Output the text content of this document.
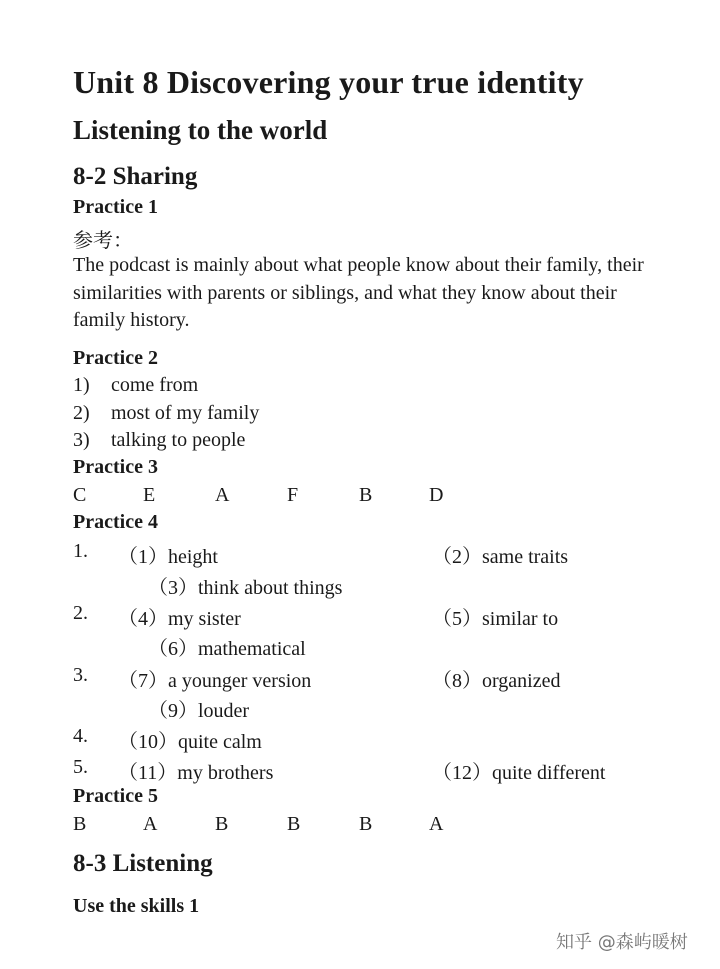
Unit 8 Discovering your true identity
Listening to the world
8-2 Sharing
Practice 1
参考：
The podcast is mainly about what people know about their family, their similarities with parents or siblings, and what they know about their family history.
Practice 2
1) come from
2) most of my family
3) talking to people
Practice 3
C	E	A	F	B	D
Practice 4
1. （1）height	（2）same traits
（3）think about things
2. （4）my sister	（5）similar to
（6）mathematical
3. （7）a younger version	（8）organized
（9）louder
4. （10）quite calm
5. （11）my brothers	（12）quite different
Practice 5
B	A	B	B	B	A
8-3 Listening
Use the skills 1
知乎 @森屿暖树
